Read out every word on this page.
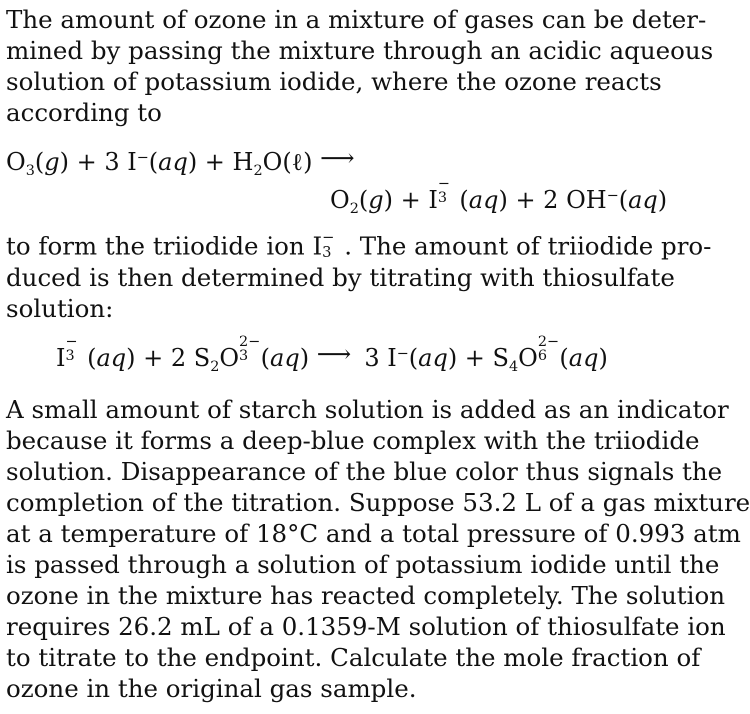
The amount of ozone in a mixture of gases can be deter-
mined by passing the mixture through an acidic aqueous
solution of potassium iodide, where the ozone reacts
according to
$O_3(g) + 3$ $I^-(aq) + H_2O(\ell)$ ⟶
$O_2(g) + I$
−
3 (aq) + 2 OH−(aq)
to form the triiodide ion I −
3 . The amount of triiodide pro-
duced is then determined by titrating with thiosulfate
solution:
I
−
3 (aq) + 2 $S_2O$
2−
3 (aq) ⟶ 3 $I^-(aq) + S_4O$
2−
6 (aq)
A small amount of starch solution is added as an indicator
because it forms a deep-blue complex with the triiodide
solution. Disappearance of the blue color thus signals the
completion of the titration. Suppose 53.2 L of a gas mixture
at a temperature of 18°C and a total pressure of 0.993 atm
is passed through a solution of potassium iodide until the
ozone in the mixture has reacted completely. The solution
requires 26.2 mL of a 0.1359-M solution of thiosulfate ion
to titrate to the endpoint. Calculate the mole fraction of
ozone in the original gas sample.
